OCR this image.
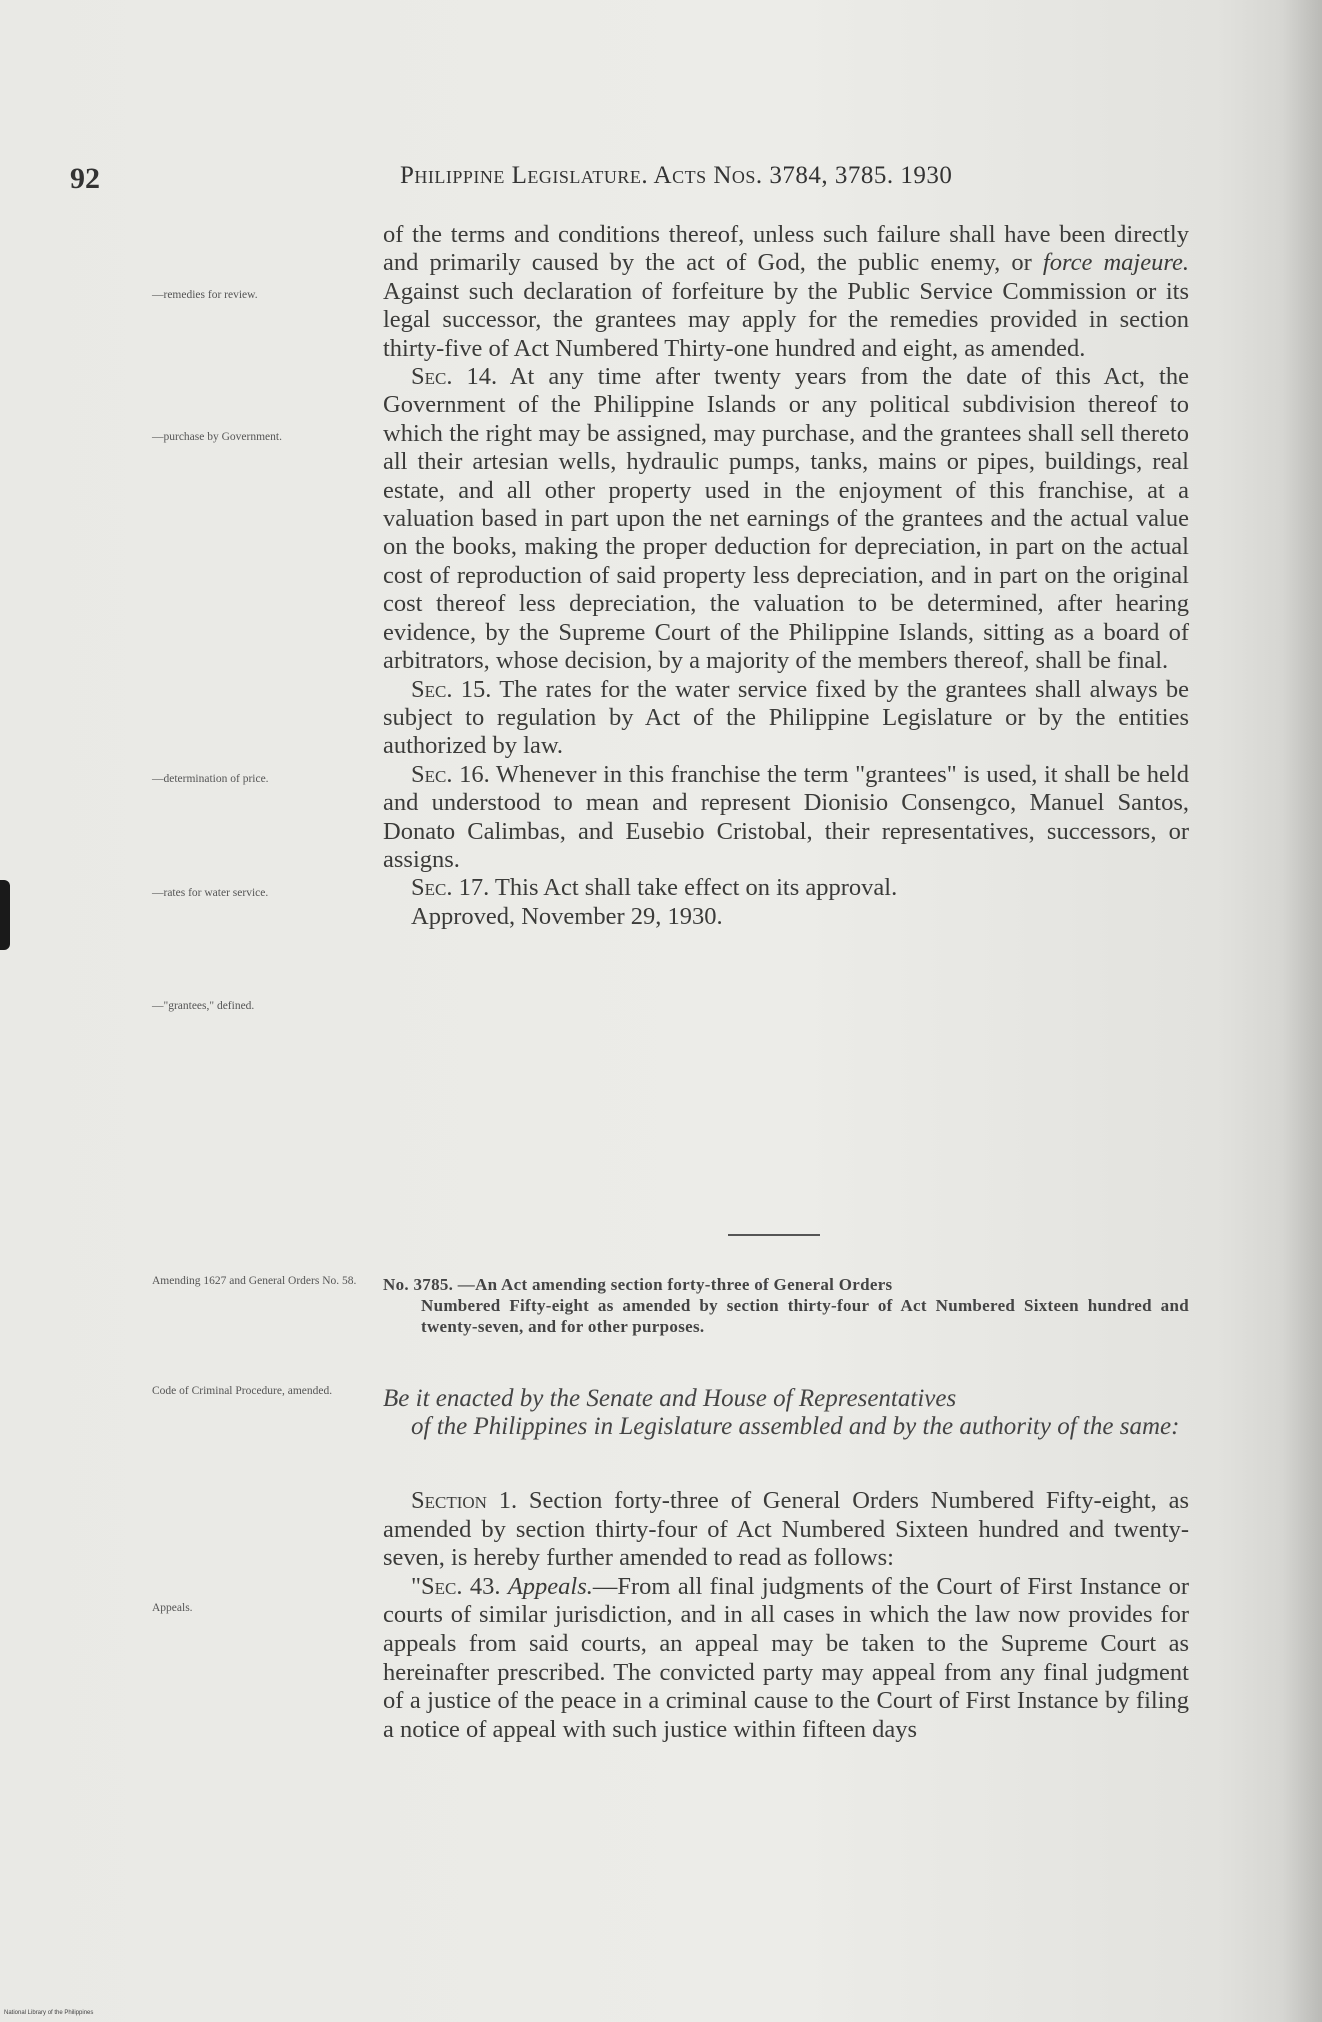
92	Philippine Legislature. Acts Nos. 3784, 3785. 1930
—remedies for review.
—purchase by Government.
—determination of price.
—rates for water service.
—"grantees," defined.
Amending 1627 and General Orders No. 58.
Code of Criminal Procedure, amended.
Appeals.

of the terms and conditions thereof, unless such failure shall have been directly and primarily caused by the act of God, the public enemy, or force majeure. Against such declaration of forfeiture by the Public Service Commission or its legal successor, the grantees may apply for the remedies provided in section thirty-five of Act Numbered Thirty-one hundred and eight, as amended.

Sec. 14. At any time after twenty years from the date of this Act, the Government of the Philippine Islands or any political subdivision thereof to which the right may be assigned, may purchase, and the grantees shall sell thereto all their artesian wells, hydraulic pumps, tanks, mains or pipes, buildings, real estate, and all other property used in the enjoyment of this franchise, at a valuation based in part upon the net earnings of the grantees and the actual value on the books, making the proper deduction for depreciation, in part on the actual cost of reproduction of said property less depreciation, and in part on the original cost thereof less depreciation, the valuation to be determined, after hearing evidence, by the Supreme Court of the Philippine Islands, sitting as a board of arbitrators, whose decision, by a majority of the members thereof, shall be final.

Sec. 15. The rates for the water service fixed by the grantees shall always be subject to regulation by Act of the Philippine Legislature or by the entities authorized by law.

Sec. 16. Whenever in this franchise the term "grantees" is used, it shall be held and understood to mean and represent Dionisio Consengco, Manuel Santos, Donato Calimbas, and Eusebio Cristobal, their representatives, successors, or assigns.

Sec. 17. This Act shall take effect on its approval.

Approved, November 29, 1930.

No. 3785. —An Act amending section forty-three of General Orders
Numbered Fifty-eight as amended by section thirty-four of Act Numbered Sixteen hundred and twenty-seven, and for other purposes.
Be it enacted by the Senate and House of Representatives
of the Philippines in Legislature assembled and by the authority of the same:

Section 1. Section forty-three of General Orders Numbered Fifty-eight, as amended by section thirty-four of Act Numbered Sixteen hundred and twenty-seven, is hereby further amended to read as follows:

"Sec. 43. Appeals.—From all final judgments of the Court of First Instance or courts of similar jurisdiction, and in all cases in which the law now provides for appeals from said courts, an appeal may be taken to the Supreme Court as hereinafter prescribed. The convicted party may appeal from any final judgment of a justice of the peace in a criminal cause to the Court of First Instance by filing a notice of appeal with such justice within fifteen days

National Library of the Philippines
